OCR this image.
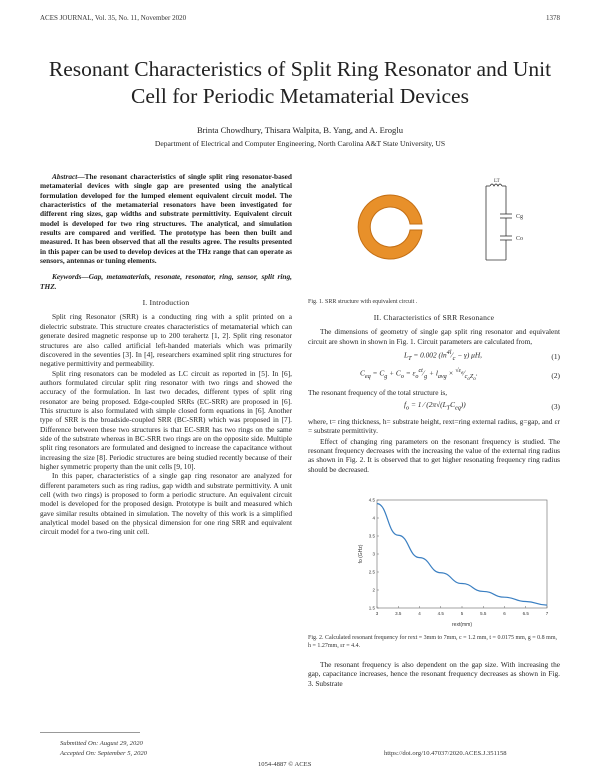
ACES JOURNAL, Vol. 35, No. 11, November 2020	1378
Resonant Characteristics of Split Ring Resonator and Unit Cell for Periodic Metamaterial Devices
Brinta Chowdhury, Thisara Walpita, B. Yang, and A. Eroglu
Department of Electrical and Computer Engineering, North Carolina A&T State University, US

Abstract—The resonant characteristics of single split ring resonator-based metamaterial devices with single gap are presented using the analytical formulation developed for the lumped element equivalent circuit model. The characteristics of the metamaterial resonators have been investigated for different ring sizes, gap widths and substrate permittivity. Equivalent circuit model is developed for two ring structures. The analytical, and simulation results are compared and verified. The prototype has been then built and measured. It has been observed that all the results agree. The results presented in this paper can be used to develop devices at the THz range that can operate as sensors, antennas or tuning elements.

Keywords—Gap, metamaterials, resonate, resonator, ring, sensor, split ring, THZ.

I. Introduction

Split ring Resonator (SRR) is a conducting ring with a split printed on a dielectric substrate. This structure creates characteristics of metamaterial which can generate desired magnetic response up to 200 terahertz [1, 2]. Split ring resonator structures are also called artificial left-handed materials which was primarily discovered in the seventies [3]. In [4], researchers examined split ring structures for negative permittivity and permeability.

Split ring resonators can be modeled as LC circuit as reported in [5]. In [6], authors formulated circular split ring resonator with two rings and showed the accuracy of the formulation. In last two decades, different types of split ring resonator are being proposed. Edge-coupled SRRs (EC-SRR) are proposed in [6]. This structure is also formulated with simple closed form equations in [6]. Another type of SRR is the broadside-coupled SRR (BC-SRR) which was proposed in [7]. Difference between these two structures is that EC-SRR has two rings on the same side of the substrate whereas in BC-SRR two rings are on the opposite side. Multiple split ring resonators are formulated and designed to increase the capacitance without increasing the size [8]. Periodic structures are being studied recently because of their higher symmetric property than the unit cells [9, 10].

In this paper, characteristics of a single gap ring resonator are analyzed for different parameters such as ring radius, gap width and substrate permittivity. A unit cell (with two rings) is proposed to form a periodic structure. An equivalent circuit model is developed for the proposed design. Prototype is built and measured which gave similar results obtained in simulation. The novelty of this work is a simplified analytical model based on the physical dimension for one ring SRR and equivalent circuit model for a two-ring unit cell.

LT
Cg
Co
Fig. 1. SRR structure with equivalent circuit .
II. Characteristics of SRR Resonance

The dimensions of geometry of single gap split ring resonator and equivalent circuit are shown in shown in Fig. 1. Circuit parameters are calculated from,

$L_T = 0.002$ $(\ln^{4l}⁄_c - \gamma)$ μH,	(1)
$C_{eq} = C_g + C_o$ = $\varepsilon_o^{ct}⁄_g + l_{avg}$ × $^{√\varepsilon_e}⁄_{c_oZ_o}$.	(2)

The resonant frequency of the total structure is,

$f_o = 1$ ⁄ $(2\pi√(L_TC_{eq}))$	(3)

where, t= ring thickness, h= substrate height, rext=ring external radius, g=gap, and εr = substrate permittivity.

Effect of changing ring parameters on the resonant frequency is studied. The resonant frequency decreases with the increasing the value of the external ring radius as shown in Fig. 2. It is observed that to get higher resonating frequency ring radius should be decreased.

3	3.5	4	4.5	5	5.5	6	6.5	7
1.5
2
2.5
3
3.5
4
4.5
rext(mm)
fo (GHz)
Fig. 2. Calculated resonant frequency for rext = 3mm to 7mm, c = 1.2 mm, t = 0.0175 mm, g = 0.8 mm, h = 1.27mm, εr = 4.4.

The resonant frequency is also dependent on the gap size. With increasing the gap, capacitance increases, hence the resonant frequency decreases as shown in Fig. 3. Substrate

Submitted On: August 29, 2020
Accepted On: September 5, 2020	https://doi.org/10.47037/2020.ACES.J.351158
1054-4887 © ACES
